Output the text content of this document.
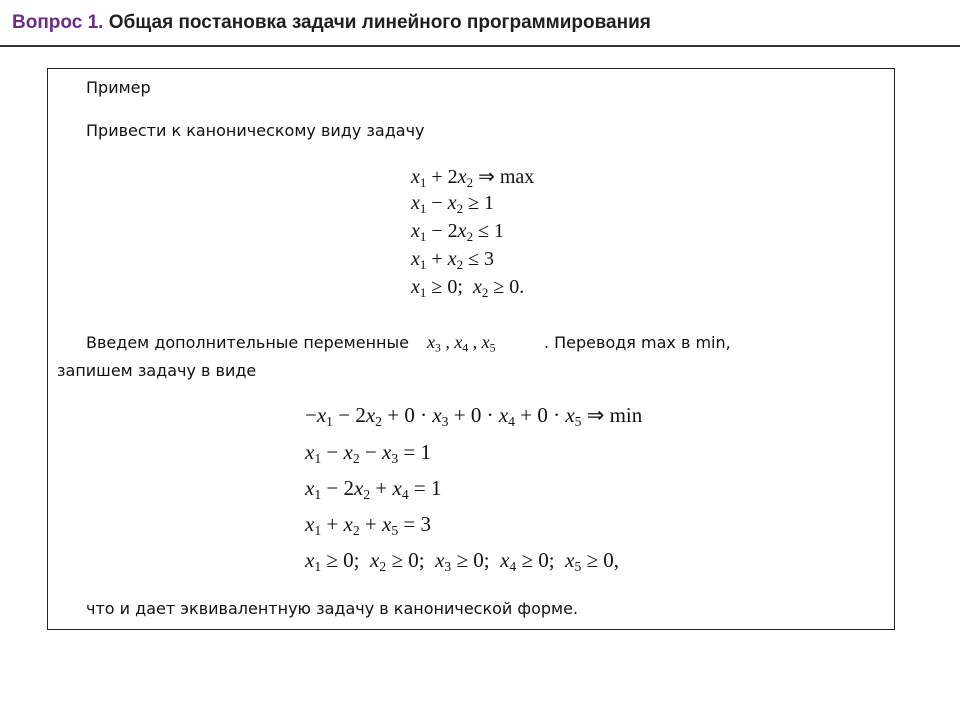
Вопрос 1. Общая постановка задачи линейного программирования
Пример
Привести к каноническому виду задачу
$x_1 + 2x_2$ ⇒ max
$x_1 - x_2 \ge 1$
$x_1 - 2x_2 \le 1$
$x_1 + x_2 \le 3$
$x_1 \ge 0$;  $x_2 \ge 0$.
Введем дополнительные переменные $x_3$ , $x_4$ , $x_5$	. Переводя max в min,
запишем задачу в виде
$-x_1 - 2x_2 + 0 \cdot x_3 + 0 \cdot x_4 + 0 \cdot x_5$ ⇒ min
$x_1 - x_2 - x_3 = 1$
$x_1 - 2x_2 + x_4 = 1$
$x_1 + x_2 + x_5 = 3$
$x_1 \ge 0$;  $x_2 \ge 0$;  $x_3 \ge 0$;  $x_4 \ge 0$;  $x_5 \ge 0$,
что и дает эквивалентную задачу в канонической форме.
